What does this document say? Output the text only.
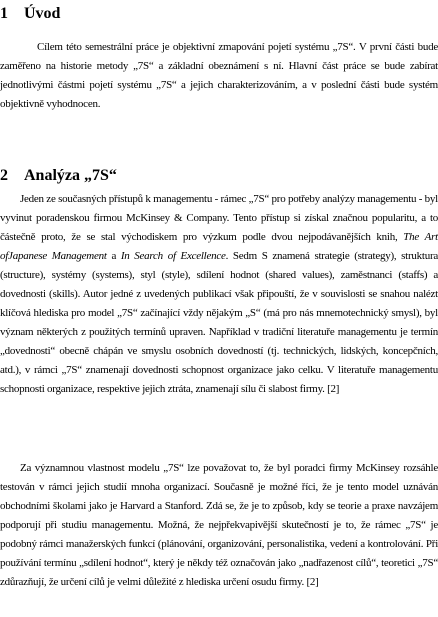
1 Úvod

Cílem této semestrální práce je objektivní zmapování pojetí systému „7S“. V první části bude zaměřeno na historie metody „7S“ a základní obeznámení s ní. Hlavní část práce se bude zabírat jednotlivými částmi pojetí systému „7S“ a jejich charakterizováním, a v poslední části bude systém objektivně vyhodnocen.

2 Analýza „7S“

Jeden ze současných přístupů k managementu - rámec „7S“ pro potřeby analýzy managementu - byl vyvinut poradenskou firmou McKinsey & Company. Tento přístup si získal značnou popularitu, a to částečně proto, že se stal východiskem pro výzkum podle dvou nejpodávanějších knih, The Art ofJapanese Management a In Search of Excellence. Sedm S znamená strategie (strategy), struktura (structure), systémy (systems), styl (style), sdílení hodnot (shared values), zaměstnanci (staffs) a dovednosti (skills). Autor jedné z uvedených publikací však připouští, že v souvislosti se snahou nalézt klíčová hlediska pro model „7S“ začínající vždy nějakým „S“ (má pro nás mnemotechnický smysl), byl význam některých z použitých termínů upraven. Například v tradiční literatuře managementu je termín „dovednosti“ obecně chápán ve smyslu osobních dovedností (tj. technických, lidských, koncepčních, atd.), v rámci „7S“ znamenají dovednosti schopnost organizace jako celku. V literatuře managementu schopnosti organizace, respektive jejich ztráta, znamenají sílu či slabost firmy. [2]

Za významnou vlastnost modelu „7S“ lze považovat to, že byl poradci firmy McKinsey rozsáhle testován v rámci jejich studií mnoha organizací. Současně je možné říci, že je tento model uznáván obchodními školami jako je Harvard a Stanford. Zdá se, že je to způsob, kdy se teorie a praxe navzájem podporují při studiu managementu. Možná, že nejpřekvapivější skutečností je to, že rámec „7S“ je podobný rámci manažerských funkcí (plánování, organizování, personalistika, vedení a kontrolování. Při používání termínu „sdílení hodnot“, který je někdy též označován jako „nadřazenost cílů“, teoretici „7S“ zdůrazňují, že určení cílů je velmi důležité z hlediska určení osudu firmy. [2]
